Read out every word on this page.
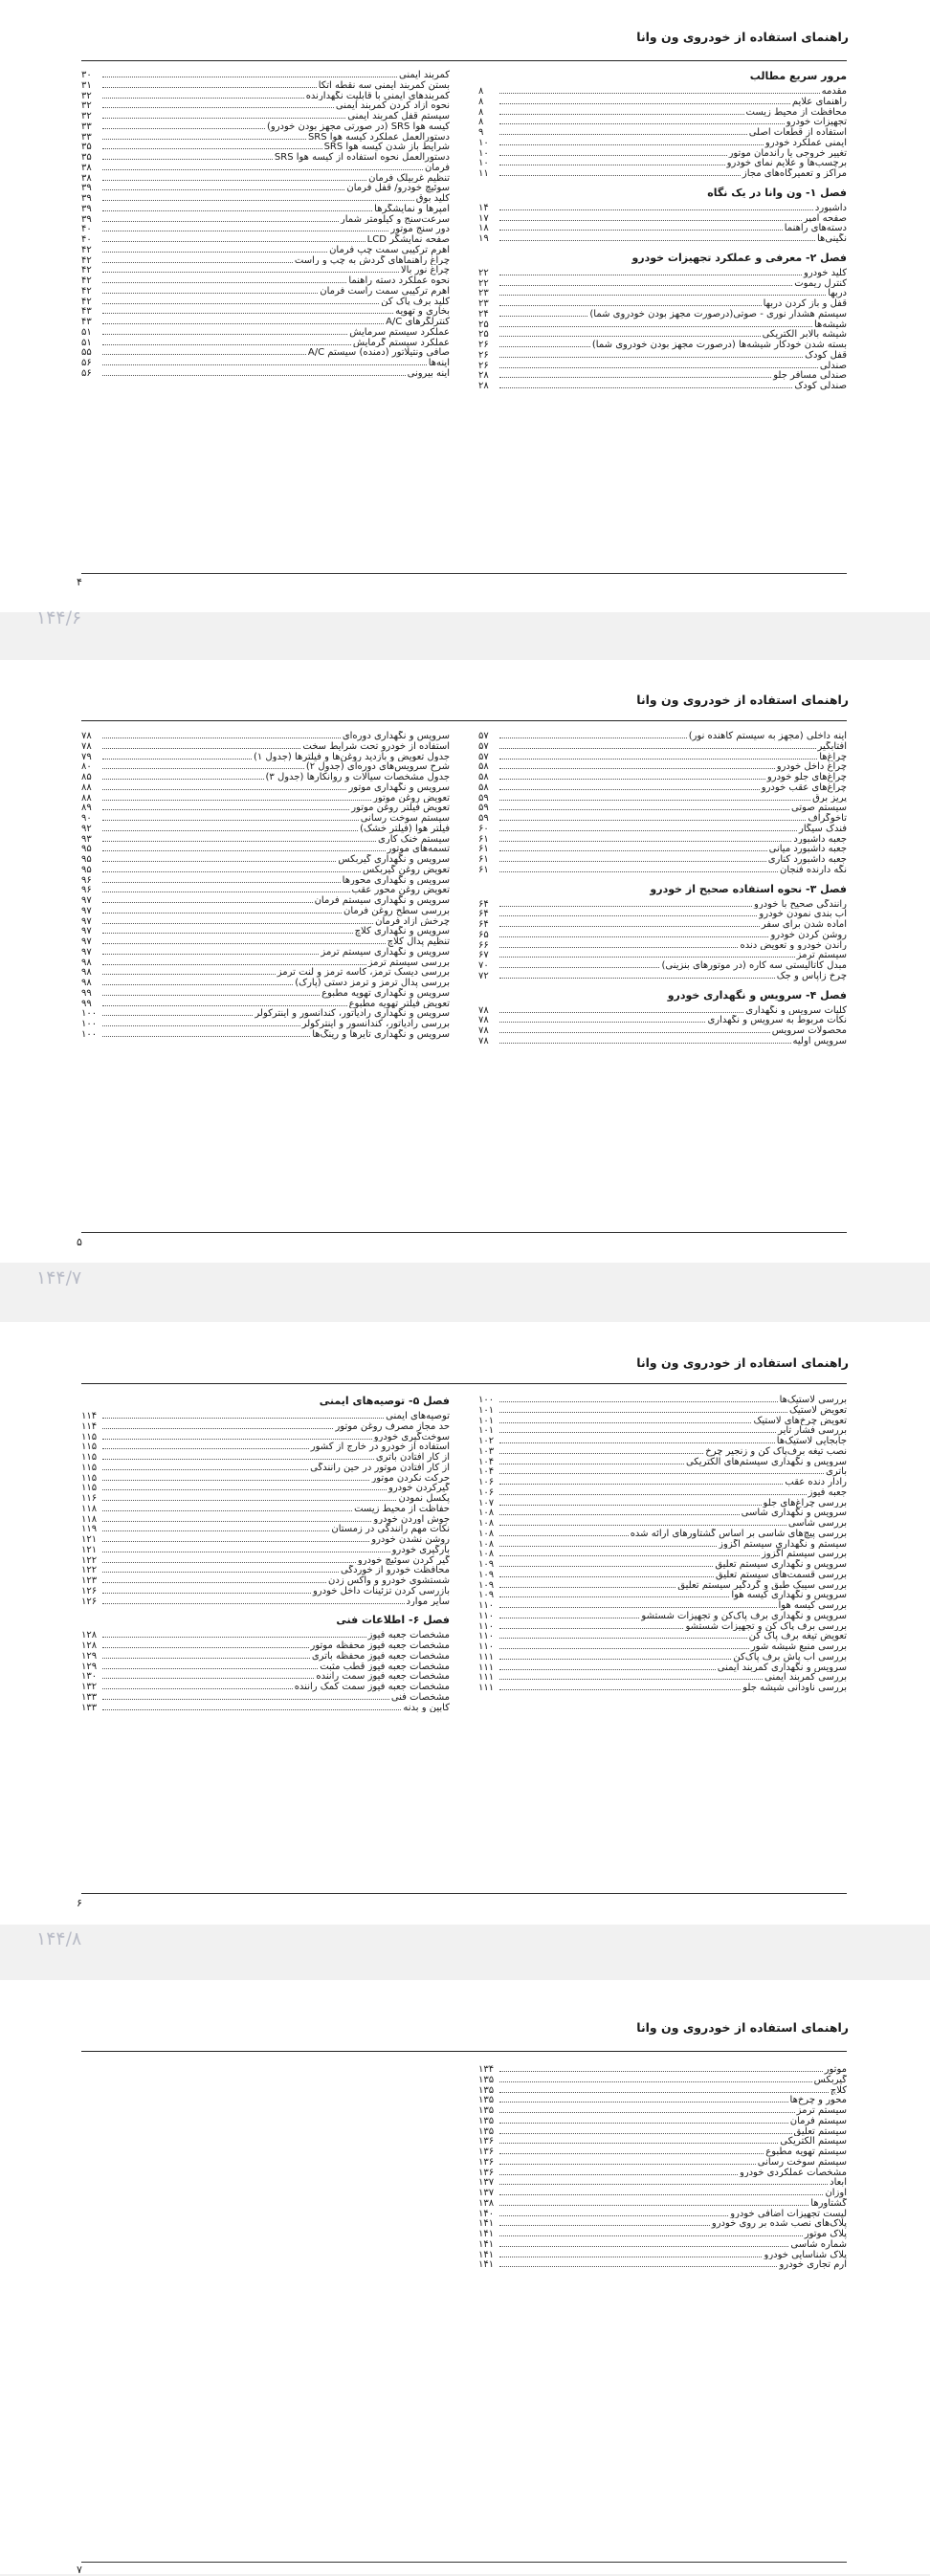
راهنمای استفاده از خودروی ون وانا
مرور سریع مطالب
مقدمه
۸
راهنمای علایم
۸
محافظت از محیط زیست
۸
تجهیزات خودرو
۸
استفاده از قطعات اصلی
۹
ایمنی عملکرد خودرو
۱۰
تغییر خروجی یا راندمان موتور
۱۰
برچسب‌ها و علایم نمای خودرو
۱۰
مراکز و تعمیرگاه‌های مجاز
۱۱
فصل ۱- ون وانا در یک نگاه
داشبورد
۱۴
صفحه امپر
۱۷
دسته‌های راهنما
۱۸
نگینی‌ها
۱۹
فصل ۲- معرفی و عملکرد تجهیزات خودرو
کلید خودرو
۲۲
کنترل ریموت
۲۲
دربها
۲۳
قفل و باز کردن دربها
۲۳
سیستم هشدار نوری - صوتی(درصورت مجهز بودن خودروی شما)
۲۴
شیشه‌ها
۲۵
شیشه بالابر الکتریکی
۲۵
بسته شدن خودکار شیشه‌ها (درصورت مجهز بودن خودروی شما)
۲۶
قفل کودک
۲۶
صندلی
۲۶
صندلی مسافر جلو
۲۸
صندلی کودک
۲۸
کمربند ایمنی
۳۰
بستن کمربند ایمنی سه نقطه اتکا
۳۱
کمربندهای ایمنی با قابلیت نگهدارنده
۳۲
نحوه آزاد کردن کمربند ایمنی
۳۲
سیستم قفل کمربند ایمنی
۳۲
کیسه هوا SRS (در صورتی مجهز بودن خودرو)
۳۳
دستورالعمل عملکرد کیسه هوا SRS
۳۳
شرایط باز شدن کیسه هوا SRS
۳۵
دستورالعمل نحوه استفاده از کیسه هوا SRS
۳۵
فرمان
۳۸
تنظیم غربیلک فرمان
۳۸
سوئیچ خودرو/ قفل فرمان
۳۹
کلید بوق
۳۹
امپرها و نمایشگرها
۳۹
سرعت‌سنج و کیلومتر شمار
۳۹
دور سنج موتور
۴۰
صفحه نمایشگر LCD
۴۰
اهرم ترکیبی سمت چپ فرمان
۴۲
چراغ راهنماهای گردش به چپ و راست
۴۲
چراغ نور بالا
۴۲
نحوه عملکرد دسته راهنما
۴۲
اهرم ترکیبی سمت راست فرمان
۴۲
کلید برف پاک کن
۴۲
بخاری و تهویه
۴۳
کنترلگرهای A/C
۴۳
عملکرد سیستم سرمایش
۵۱
عملکرد سیستم گرمایش
۵۱
صافی ونتیلاتور (دمنده) سیستم A/C
۵۵
اینه‌ها
۵۶
آینه بیرونی
۵۶
۴
۱۴۴/۶
راهنمای استفاده از خودروی ون وانا
آینه داخلی (مجهز به سیستم کاهنده نور)
۵۷
آفتابگیر
۵۷
چراغ‌ها
۵۷
چراغ داخل خودرو
۵۸
چراغ‌های جلو خودرو
۵۸
چراغ‌های عقب خودرو
۵۸
پریز برق
۵۹
سیستم صوتی
۵۹
تاخوگراف
۵۹
فندک سیگار
۶۰
جعبه داشبورد
۶۱
جعبه داشبورد میانی
۶۱
جعبه داشبورد کناری
۶۱
نگه دارنده فنجان
۶۱
فصل ۳- نحوه استفاده صحیح از خودرو
رانندگی صحیح با خودرو
۶۴
آب بندی نمودن خودرو
۶۴
آماده شدن برای سفر
۶۴
روشن کردن خودرو
۶۵
راندن خودرو و تعویض دنده
۶۶
سیستم ترمز
۶۷
مبدل کاتالیستی سه کاره (در موتورهای بنزینی)
۷۰
چرخ زاپاس و جک
۷۲
فصل ۴- سرویس و نگهداری خودرو
کلیات سرویس و نگهداری
۷۸
نکات مربوط به سرویس و نگهداری
۷۸
محصولات سرویس
۷۸
سرویس اولیه
۷۸
سرویس و نگهداری دوره‌ای
۷۸
استفاده از خودرو تحت شرایط سخت
۷۸
جدول تعویض و بازدید روغن‌ها و فیلترها (جدول ۱)
۷۹
شرح سرویس‌های دوره‌ای (جدول ۲)
۸۰
جدول مشخصات سیالات و روانکارها (جدول ۳)
۸۵
سرویس و نگهداری موتور
۸۸
تعویض روغن موتور
۸۸
تعویض فیلتر روغن موتور
۸۹
سیستم سوخت رسانی
۹۰
فیلتر هوا (فیلتر خشک)
۹۲
سیستم خنک کاری
۹۳
تسمه‌های موتور
۹۵
سرویس و نگهداری گیربکس
۹۵
تعویض روغن گیربکس
۹۵
سرویس و نگهداری محورها
۹۶
تعویض روغن محور عقب
۹۶
سرویس و نگهداری سیستم فرمان
۹۷
بررسی سطح روغن فرمان
۹۷
چرخش آزاد فرمان
۹۷
سرویس و نگهداری کلاچ
۹۷
تنظیم پدال کلاچ
۹۷
سرویس و نگهداری سیستم ترمز
۹۷
بررسی سیستم ترمز
۹۸
بررسی دیسک ترمز، کاسه ترمز و لنت ترمز
۹۸
بررسی پدال ترمز و ترمز دستی (پارک)
۹۸
سرویس و نگهداری تهویه مطبوع
۹۹
تعویض فیلتر تهویه مطبوع
۹۹
سرویس و نگهداری رادیاتور، کندانسور و اینترکولر
۱۰۰
بررسی رادیاتور، کندانسور و اینترکولر
۱۰۰
سرویس و نگهداری تایرها و رینگ‌ها
۱۰۰
۵
۱۴۴/۷
راهنمای استفاده از خودروی ون وانا
بررسی لاستیک‌ها
۱۰۰
تعویض لاستیک
۱۰۱
تعویض چرخ‌های لاستیک
۱۰۱
بررسی فشار تایر
۱۰۱
جابجایی لاستیک‌ها
۱۰۲
نصب تیغه برف‌پاک کن و زنجیر چرخ
۱۰۳
سرویس و نگهداری سیستم‌های الکتریکی
۱۰۴
باتری
۱۰۴
رادار دنده عقب
۱۰۶
جعبه فیوز
۱۰۶
بررسی چراغ‌های جلو
۱۰۷
سرویس و نگهداری شاسی
۱۰۸
بررسی شاسی
۱۰۸
بررسی پیچ‌های شاسی بر اساس گشتاورهای ارائه شده
۱۰۸
سیستم و نگهداری سیستم اگزوز
۱۰۸
بررسی سیستم اگزوز
۱۰۸
سرویس و نگهداری سیستم تعلیق
۱۰۹
بررسی قسمت‌های سیستم تعلیق
۱۰۹
بررسی سیبک طبق و گردگیر سیستم تعلیق
۱۰۹
سرویس و نگهداری کیسه هوا
۱۰۹
بررسی کیسه هوا
۱۱۰
سرویس و نگهداری برف پاک‌کن و تجهیزات شستشو
۱۱۰
بررسی برف پاک کن و تجهیزات شستشو
۱۱۰
تعویض تیغه برف پاک کن
۱۱۰
بررسی منبع شیشه شور
۱۱۰
بررسی آب پاش برف پاک‌کن
۱۱۱
سرویس و نگهداری کمربند ایمنی
۱۱۱
بررسی کمربند ایمنی
۱۱۱
بررسی ناودانی شیشه جلو
۱۱۱
فصل ۵- توصیه‌های ایمنی
توصیه‌های ایمنی
۱۱۴
حد مجاز مصرف روغن موتور
۱۱۴
سوخت‌گیری خودرو
۱۱۵
استفاده از خودرو در خارج از کشور
۱۱۵
از کار افتادن باتری
۱۱۵
از کار افتادن موتور در حین رانندگی
۱۱۵
حرکت نکردن موتور
۱۱۵
گیرکردن خودرو
۱۱۵
پکسل نمودن
۱۱۶
حفاظت از محیط زیست
۱۱۸
جوش آوردن خودرو
۱۱۸
نکات مهم رانندگی در زمستان
۱۱۹
روشن نشدن خودرو
۱۲۱
بارگیری خودرو
۱۲۱
گیر کردن سوئیچ خودرو
۱۲۲
محافظت خودرو از خوردگی
۱۲۲
شستشوی خودرو و واکس زدن
۱۲۳
بازرسی کردن تزئینات داخل خودرو
۱۲۶
سایر موارد
۱۲۶
فصل ۶- اطلاعات فنی
مشخصات جعبه فیوز
۱۲۸
مشخصات جعبه فیوز محفظه موتور
۱۲۸
مشخصات جعبه فیوز محفظه باتری
۱۲۹
مشخصات جعبه فیوز قطب مثبت
۱۲۹
مشخصات جعبه فیوز سمت راننده
۱۳۰
مشخصات جعبه فیوز سمت کمک راننده
۱۳۲
مشخصات فنی
۱۳۳
کابین و بدنه
۱۳۳
۶
۱۴۴/۸
راهنمای استفاده از خودروی ون وانا
موتور
۱۳۴
گیربکس
۱۳۵
کلاچ
۱۳۵
محور و چرخ‌ها
۱۳۵
سیستم ترمز
۱۳۵
سیستم فرمان
۱۳۵
سیستم تعلیق
۱۳۵
سیستم الکتریکی
۱۳۶
سیستم تهویه مطبوع
۱۳۶
سیستم سوخت رسانی
۱۳۶
مشخصات عملکردی خودرو
۱۳۶
ابعاد
۱۳۷
اوزان
۱۳۷
گشتاورها
۱۳۸
لیست تجهیزات اضافی خودرو
۱۴۰
پلاک‌های نصب شده بر روی خودرو
۱۴۱
پلاک موتور
۱۴۱
شماره شاسی
۱۴۱
پلاک شناسایی خودرو
۱۴۱
آرم تجاری خودرو
۱۴۱
۷
